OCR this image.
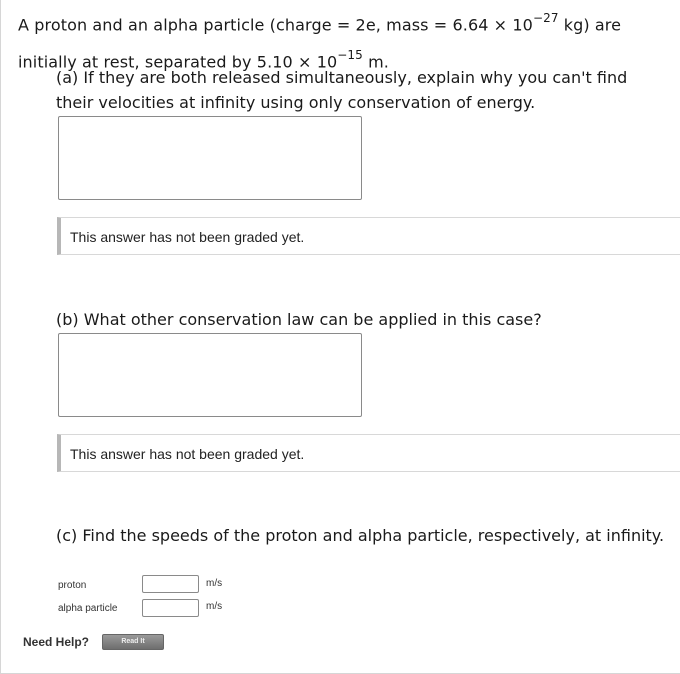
A proton and an alpha particle (charge = 2e, mass = $6.64 \times 10^{-27}$ kg) are
initially at rest, separated by $5.10 \times 10^{-15}$ m.
(a) If they are both released simultaneously, explain why you can't find their velocities at infinity using only conservation of energy.
This answer has not been graded yet.
(b) What other conservation law can be applied in this case?
This answer has not been graded yet.
(c) Find the speeds of the proton and alpha particle, respectively, at infinity.
proton	m/s
alpha particle	m/s
Need Help?	Read It
